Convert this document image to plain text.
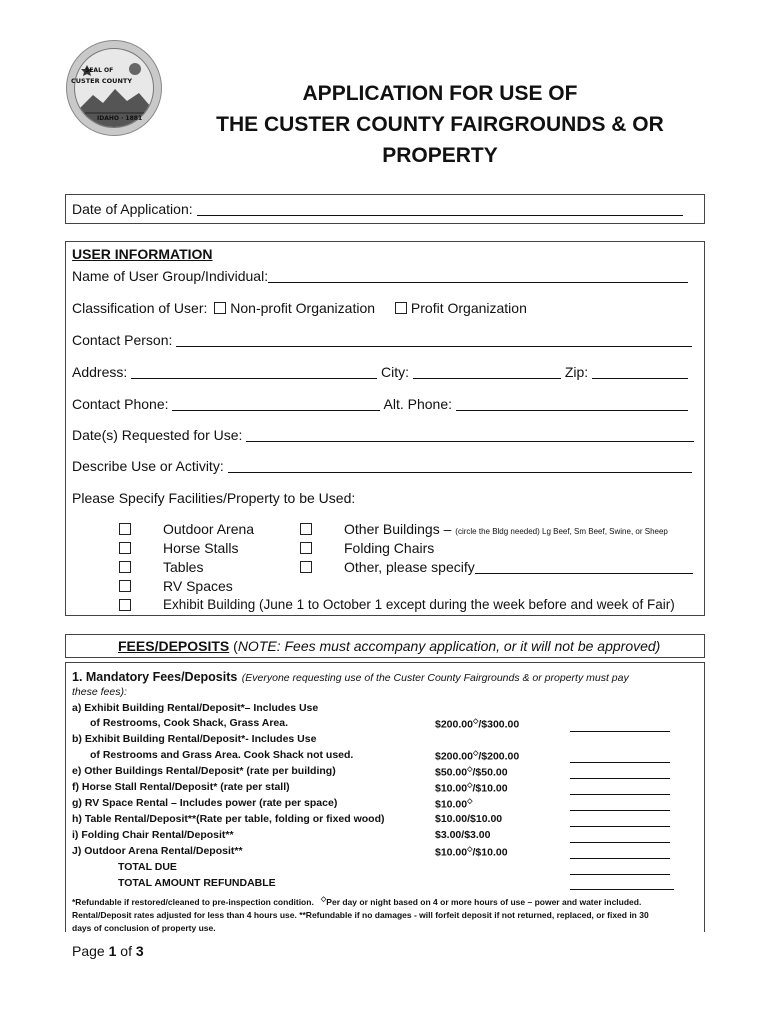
SEAL OF
CUSTER COUNTY
IDAHO · 1881
APPLICATION FOR USE OF
THE CUSTER COUNTY FAIRGROUNDS & OR
PROPERTY
Date of Application:
USER INFORMATION
Name of User Group/Individual:
Classification of User: Non-profit Organization	Profit Organization
Contact Person:
Address:	City:	Zip:
Contact Phone:	Alt. Phone:
Date(s) Requested for Use:
Describe Use or Activity:
Please Specify Facilities/Property to be Used:
Outdoor Arena
Horse Stalls
Tables
RV Spaces
Exhibit Building (June 1 to October 1 except during the week before and week of Fair)
Other Buildings – (circle the Bldg needed) Lg Beef, Sm Beef, Swine, or Sheep
Folding Chairs
Other, please specify
FEES/DEPOSITS (NOTE: Fees must accompany application, or it will not be approved)
1. Mandatory Fees/Deposits (Everyone requesting use of the Custer County Fairgrounds & or property must pay
these fees):
a) Exhibit Building Rental/Deposit*– Includes Use
of Restrooms, Cook Shack, Grass Area.	$200.00◇/$300.00
b) Exhibit Building Rental/Deposit*- Includes Use
of Restrooms and Grass Area. Cook Shack not used.	$200.00◇/$200.00
e) Other Buildings Rental/Deposit* (rate per building)	$50.00◇/$50.00
f) Horse Stall Rental/Deposit* (rate per stall)	$10.00◇/$10.00
g) RV Space Rental – Includes power (rate per space)	$10.00◇
h) Table Rental/Deposit**(Rate per table, folding or fixed wood)	$10.00/$10.00
i) Folding Chair Rental/Deposit**	$3.00/$3.00
J) Outdoor Arena Rental/Deposit**	$10.00◇/$10.00
TOTAL DUE
TOTAL AMOUNT REFUNDABLE
*Refundable if restored/cleaned to pre-inspection condition. ◇Per day or night based on 4 or more hours of use – power and water included.
Rental/Deposit rates adjusted for less than 4 hours use. **Refundable if no damages - will forfeit deposit if not returned, replaced, or fixed in 30
days of conclusion of property use.
Page 1 of 3
